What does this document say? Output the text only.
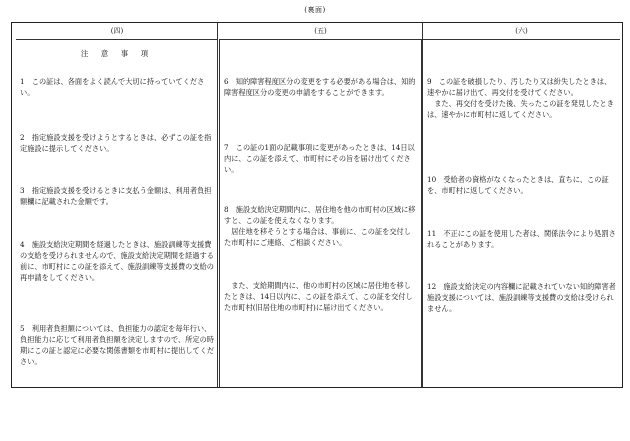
(裏面)
(四)
注 意 事 項
1　この証は、各面をよく読んで大切に持っていてください。
2　指定施設支援を受けようとするときは、必ずこの証を指定施設に提示してください。
3　指定施設支援を受けるときに支払う金額は、利用者負担額欄に記載された金額です。
4　施設支給決定期間を経過したときは、施設訓練等支援費の支給を受けられませんので、施設支給決定期間を経過する前に、市町村にこの証を添えて、施設訓練等支援費の支給の再申請をしてください。
5　利用者負担額については、負担能力の認定を毎年行い、負担能力に応じて利用者負担額を決定しますので、所定の時期にこの証と認定に必要な関係書類を市町村に提出してください。
(五)
6　知的障害程度区分の変更をする必要がある場合は、知的障害程度区分の変更の申請をすることができます。
7　この証の1面の記載事項に変更があったときは、14日以内に、この証を添えて、市町村にその旨を届け出てください。
8　施設支給決定期間内に、居住地を他の市町村の区域に移すと、この証を使えなくなります。
　居住地を移そうとする場合は、事前に、この証を交付した市町村にご連絡、ご相談ください。
　また、支給期間内に、他の市町村の区域に居住地を移したときは、14日以内に、この証を添えて、この証を交付した市町村(旧居住地の市町村)に届け出てください。
(六)
9　この証を破損したり、汚したり又は紛失したときは、速やかに届け出て、再交付を受けてください。
　また、再交付を受けた後、失ったこの証を発見したときは、速やかに市町村に返してください。
10　受給者の資格がなくなったときは、直ちに、この証を、市町村に返してください。
11　不正にこの証を使用した者は、関係法令により処罰されることがあります。
12　施設支給決定の内容欄に記載されていない知的障害者施設支援については、施設訓練等支援費の支給は受けられません。
